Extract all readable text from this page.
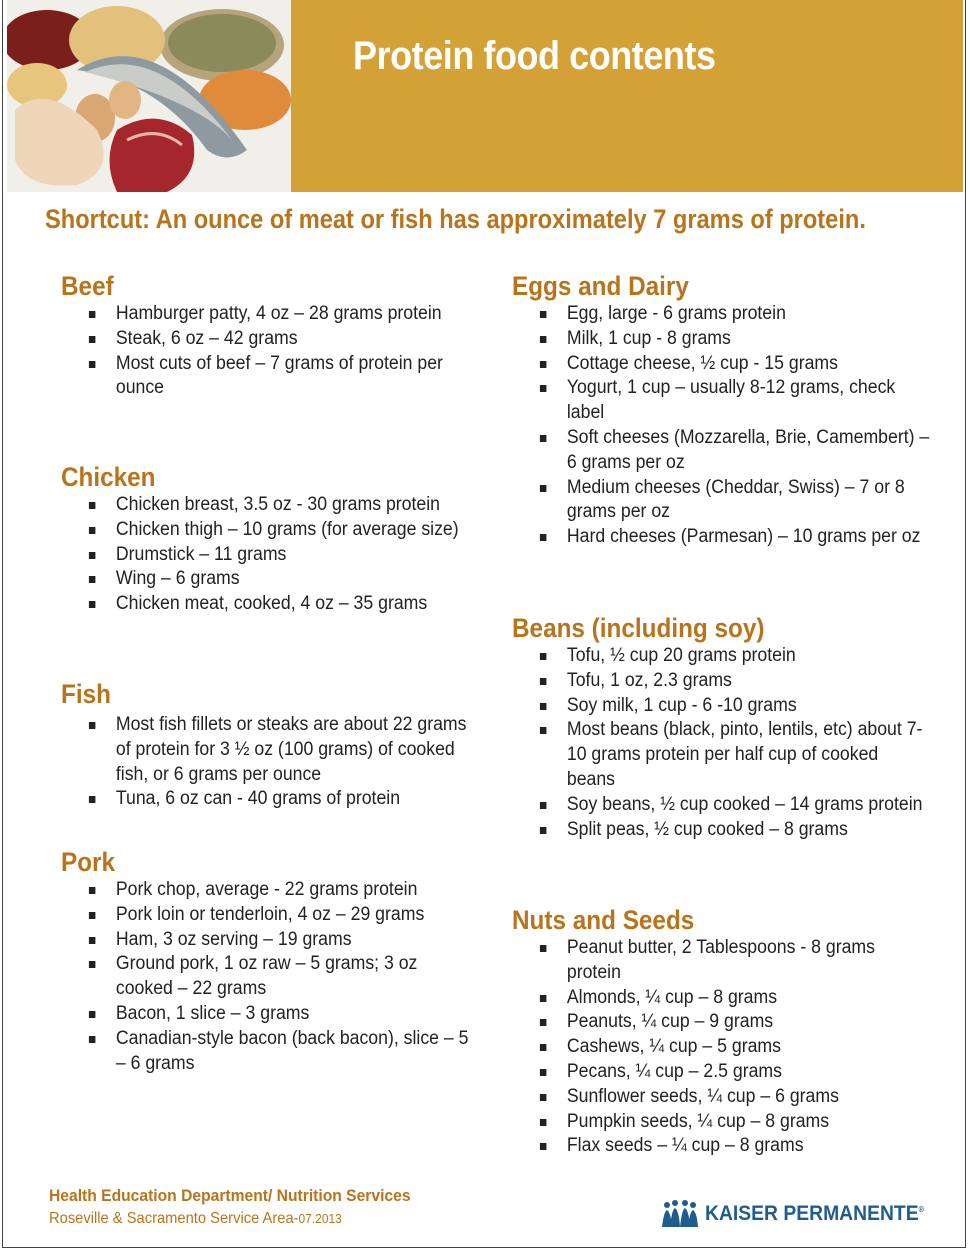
Protein food contents
Shortcut: An ounce of meat or fish has approximately 7 grams of protein.
Beef
Hamburger patty, 4 oz – 28 grams protein
Steak, 6 oz – 42 grams
Most cuts of beef – 7 grams of protein per ounce
Chicken
Chicken breast, 3.5 oz - 30 grams protein
Chicken thigh – 10 grams (for average size)
Drumstick – 11 grams
Wing – 6 grams
Chicken meat, cooked, 4 oz – 35 grams
Fish
Most fish fillets or steaks are about 22 grams of protein for 3 ½ oz (100 grams) of cooked fish, or 6 grams per ounce
Tuna, 6 oz can - 40 grams of protein
Pork
Pork chop, average - 22 grams protein
Pork loin or tenderloin, 4 oz – 29 grams
Ham, 3 oz serving – 19 grams
Ground pork, 1 oz raw – 5 grams; 3 oz cooked – 22 grams
Bacon, 1 slice – 3 grams
Canadian-style bacon (back bacon), slice – 5 – 6 grams
Eggs and Dairy
Egg, large - 6 grams protein
Milk, 1 cup - 8 grams
Cottage cheese, ½ cup - 15 grams
Yogurt, 1 cup – usually 8-12 grams, check label
Soft cheeses (Mozzarella, Brie, Camembert) – 6 grams per oz
Medium cheeses (Cheddar, Swiss) – 7 or 8 grams per oz
Hard cheeses (Parmesan) – 10 grams per oz
Beans (including soy)
Tofu, ½ cup 20 grams protein
Tofu, 1 oz, 2.3 grams
Soy milk, 1 cup - 6 -10 grams
Most beans (black, pinto, lentils, etc) about 7-10 grams protein per half cup of cooked beans
Soy beans, ½ cup cooked – 14 grams protein
Split peas, ½ cup cooked – 8 grams
Nuts and Seeds
Peanut butter, 2 Tablespoons - 8 grams protein
Almonds, ¼ cup – 8 grams
Peanuts, ¼ cup – 9 grams
Cashews, ¼ cup – 5 grams
Pecans, ¼ cup – 2.5 grams
Sunflower seeds, ¼ cup – 6 grams
Pumpkin seeds, ¼ cup – 8 grams
Flax seeds – ¼ cup – 8 grams
Health Education Department/ Nutrition Services
Roseville & Sacramento Service Area-07.2013	KAISER PERMANENTE®
